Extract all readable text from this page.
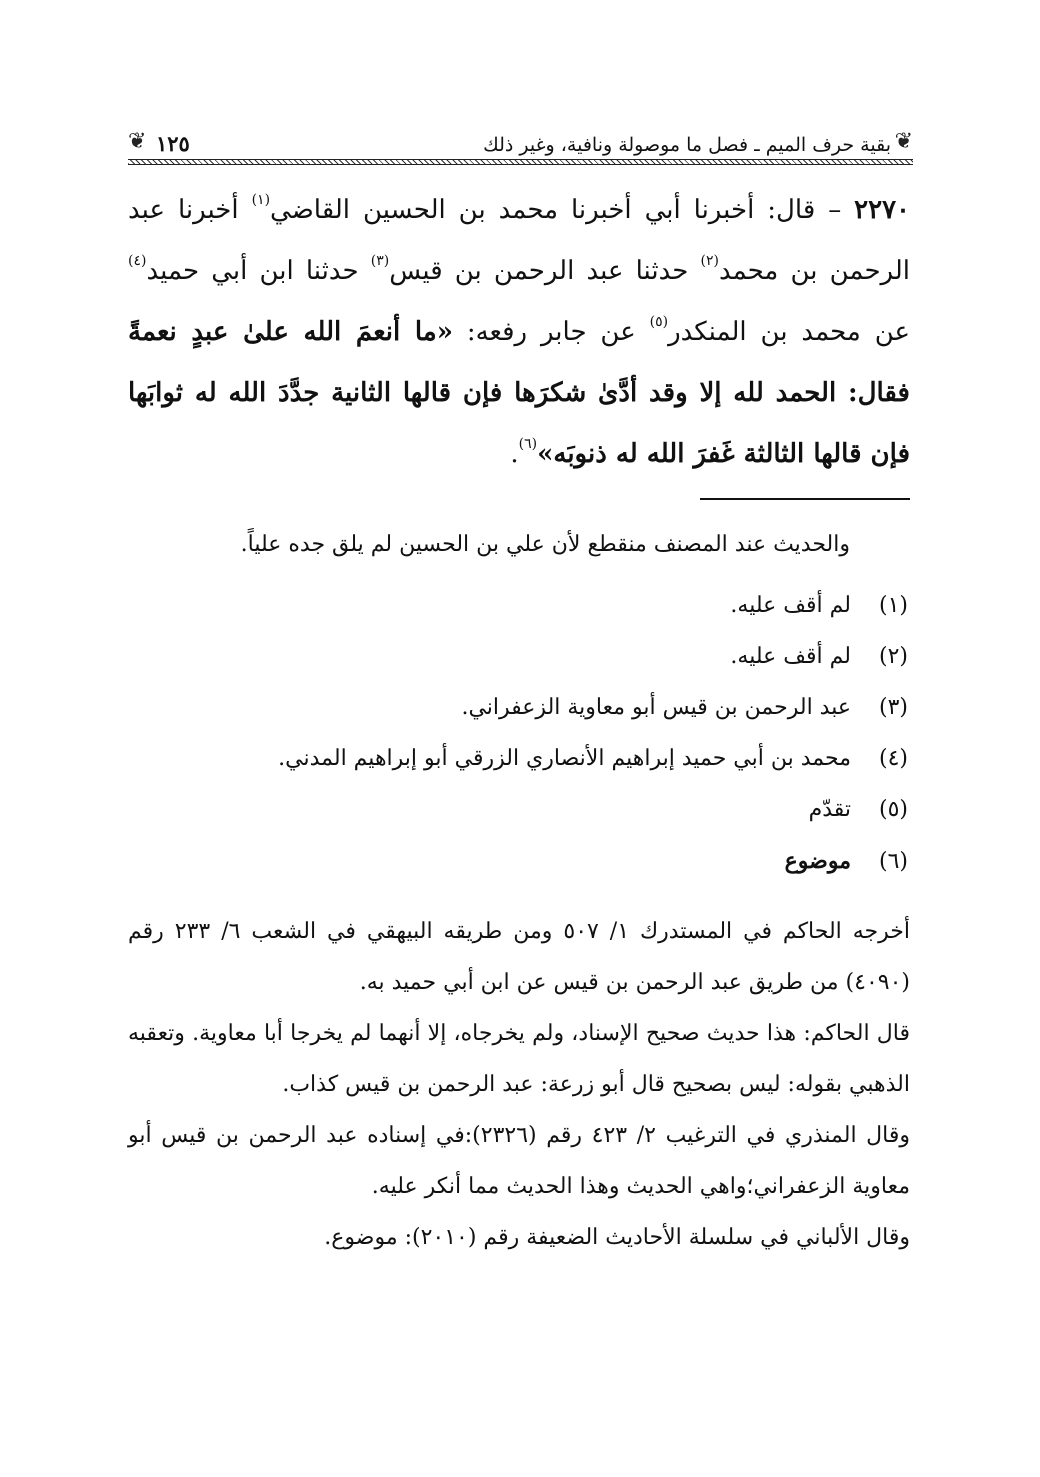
❦
بقية حرف الميم ـ فصل ما موصولة ونافية، وغير ذلك
١٢٥
❦
٢٢٧٠ – قال: أخبرنا أبي أخبرنا محمد بن الحسين القاضي$^{(١)}$ أخبرنا عبد الرحمن بن محمد$^{(٢)}$ حدثنا عبد الرحمن بن قيس$^{(٣)}$ حدثنا ابن أبي حميد$^{(٤)}$ عن محمد بن المنكدر$^{(٥)}$ عن جابر رفعه: «ما أنعمَ الله علىٰ عبدٍ نعمةً فقال: الحمد لله إلا وقد أدَّىٰ شكرَها فإن قالها الثانية جدَّدَ الله له ثوابَها فإن قالها الثالثة غَفرَ الله له ذنوبَه»$^{(٦)}$.
والحديث عند المصنف منقطع لأن علي بن الحسين لم يلق جده علياً.
(١) لم أقف عليه.
(٢) لم أقف عليه.
(٣) عبد الرحمن بن قيس أبو معاوية الزعفراني.
(٤) محمد بن أبي حميد إبراهيم الأنصاري الزرقي أبو إبراهيم المدني.
(٥) تقدّم
(٦) موضوع

أخرجه الحاكم في المستدرك ١/ ٥٠٧ ومن طريقه البيهقي في الشعب ٦/ ٢٣٣ رقم (٤٠٩٠) من طريق عبد الرحمن بن قيس عن ابن أبي حميد به.

قال الحاكم: هذا حديث صحيح الإسناد، ولم يخرجاه، إلا أنهما لم يخرجا أبا معاوية. وتعقبه الذهبي بقوله: ليس بصحيح قال أبو زرعة: عبد الرحمن بن قيس كذاب.

وقال المنذري في الترغيب ٢/ ٤٢٣ رقم (٢٣٢٦):في إسناده عبد الرحمن بن قيس أبو معاوية الزعفراني؛واهي الحديث وهذا الحديث مما أنكر عليه.

وقال الألباني في سلسلة الأحاديث الضعيفة رقم (٢٠١٠): موضوع.
